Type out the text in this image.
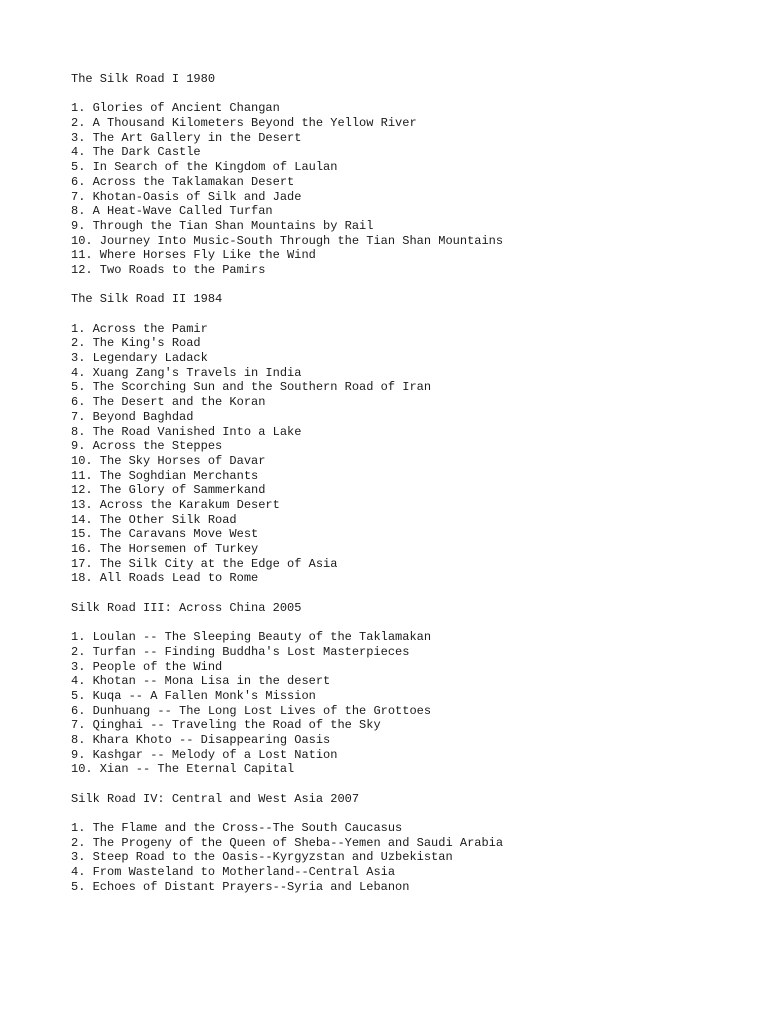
The Silk Road I 1980
1. Glories of Ancient Changan
2. A Thousand Kilometers Beyond the Yellow River
3. The Art Gallery in the Desert
4. The Dark Castle
5. In Search of the Kingdom of Laulan
6. Across the Taklamakan Desert
7. Khotan-Oasis of Silk and Jade
8. A Heat-Wave Called Turfan
9. Through the Tian Shan Mountains by Rail
10. Journey Into Music-South Through the Tian Shan Mountains
11. Where Horses Fly Like the Wind
12. Two Roads to the Pamirs
The Silk Road II 1984
1. Across the Pamir
2. The King's Road
3. Legendary Ladack
4. Xuang Zang's Travels in India
5. The Scorching Sun and the Southern Road of Iran
6. The Desert and the Koran
7. Beyond Baghdad
8. The Road Vanished Into a Lake
9. Across the Steppes
10. The Sky Horses of Davar
11. The Soghdian Merchants
12. The Glory of Sammerkand
13. Across the Karakum Desert
14. The Other Silk Road
15. The Caravans Move West
16. The Horsemen of Turkey
17. The Silk City at the Edge of Asia
18. All Roads Lead to Rome
Silk Road III: Across China 2005
1. Loulan -- The Sleeping Beauty of the Taklamakan
2. Turfan -- Finding Buddha's Lost Masterpieces
3. People of the Wind
4. Khotan -- Mona Lisa in the desert
5. Kuqa -- A Fallen Monk's Mission
6. Dunhuang -- The Long Lost Lives of the Grottoes
7. Qinghai -- Traveling the Road of the Sky
8. Khara Khoto -- Disappearing Oasis
9. Kashgar -- Melody of a Lost Nation
10. Xian -- The Eternal Capital
Silk Road IV: Central and West Asia 2007
1. The Flame and the Cross--The South Caucasus
2. The Progeny of the Queen of Sheba--Yemen and Saudi Arabia
3. Steep Road to the Oasis--Kyrgyzstan and Uzbekistan
4. From Wasteland to Motherland--Central Asia
5. Echoes of Distant Prayers--Syria and Lebanon
